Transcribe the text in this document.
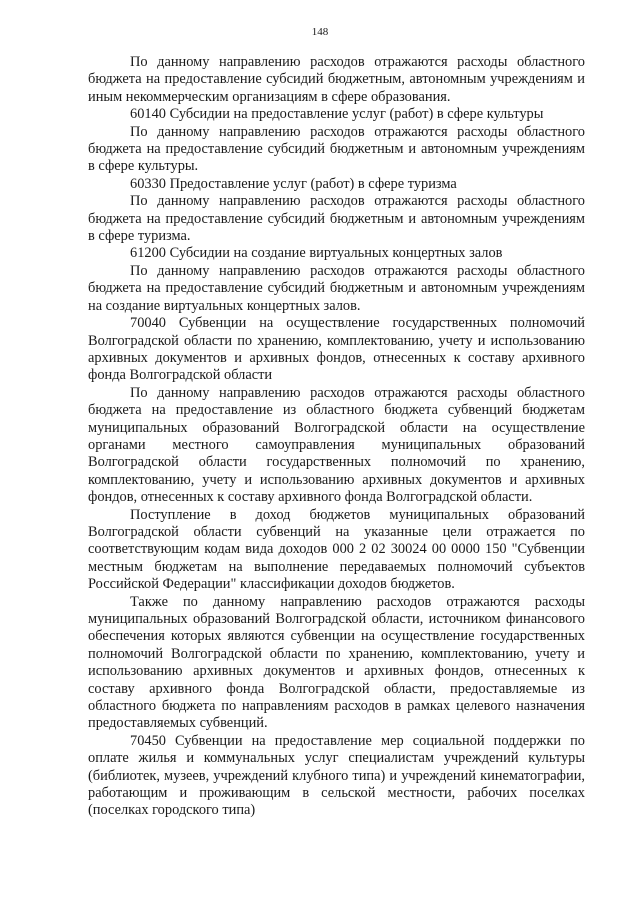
148

По данному направлению расходов отражаются расходы областного бюджета на предоставление субсидий бюджетным, автономным учреждениям и иным некоммерческим организациям в сфере образования.

60140 Субсидии на предоставление услуг (работ) в сфере культуры

По данному направлению расходов отражаются расходы областного бюджета на предоставление субсидий бюджетным и автономным учреждениям в сфере культуры.

60330 Предоставление услуг (работ) в сфере туризма

По данному направлению расходов отражаются расходы областного бюджета на предоставление субсидий бюджетным и автономным учреждениям в сфере туризма.

61200 Субсидии на создание виртуальных концертных залов

По данному направлению расходов отражаются расходы областного бюджета на предоставление субсидий бюджетным и автономным учреждениям на создание виртуальных концертных залов.

70040 Субвенции на осуществление государственных полномочий Волгоградской области по хранению, комплектованию, учету и использованию архивных документов и архивных фондов, отнесенных к составу архивного фонда Волгоградской области

По данному направлению расходов отражаются расходы областного бюджета на предоставление из областного бюджета субвенций бюджетам муниципальных образований Волгоградской области на осуществление органами местного самоуправления муниципальных образований Волгоградской области государственных полномочий по хранению, комплектованию, учету и использованию архивных документов и архивных фондов, отнесенных к составу архивного фонда Волгоградской области.

Поступление в доход бюджетов муниципальных образований Волгоградской области субвенций на указанные цели отражается по соответствующим кодам вида доходов 000 2 02 30024 00 0000 150 "Субвенции местным бюджетам на выполнение передаваемых полномочий субъектов Российской Федерации" классификации доходов бюджетов.

Также по данному направлению расходов отражаются расходы муниципальных образований Волгоградской области, источником финансового обеспечения которых являются субвенции на осуществление государственных полномочий Волгоградской области по хранению, комплектованию, учету и использованию архивных документов и архивных фондов, отнесенных к составу архивного фонда Волгоградской области, предоставляемые из областного бюджета по направлениям расходов в рамках целевого назначения предоставляемых субвенций.

70450 Субвенции на предоставление мер социальной поддержки по оплате жилья и коммунальных услуг специалистам учреждений культуры (библиотек, музеев, учреждений клубного типа) и учреждений кинематографии, работающим и проживающим в сельской местности, рабочих поселках (поселках городского типа)
